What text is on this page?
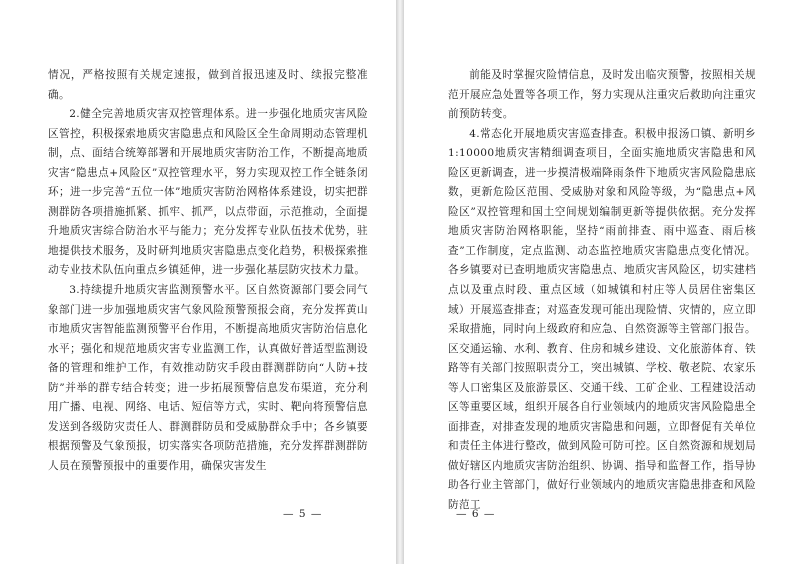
情况，严格按照有关规定速报，做到首报迅速及时、续报完整准确。

2.健全完善地质灾害双控管理体系。进一步强化地质灾害风险区管控，积极探索地质灾害隐患点和风险区全生命周期动态管理机制，点、面结合统筹部署和开展地质灾害防治工作，不断提高地质灾害“隐患点+风险区”双控管理水平，努力实现双控工作全链条闭环；进一步完善“五位一体”地质灾害防治网格体系建设，切实把群测群防各项措施抓紧、抓牢、抓严，以点带面，示范推动，全面提升地质灾害综合防治水平与能力；充分发挥专业队伍技术优势，驻地提供技术服务，及时研判地质灾害隐患点变化趋势，积极探索推动专业技术队伍向重点乡镇延伸，进一步强化基层防灾技术力量。

3.持续提升地质灾害监测预警水平。区自然资源部门要会同气象部门进一步加强地质灾害气象风险预警预报会商，充分发挥黄山市地质灾害智能监测预警平台作用，不断提高地质灾害防治信息化水平；强化和规范地质灾害专业监测工作，认真做好普适型监测设备的管理和维护工作，有效推动防灾手段由群测群防向“人防+技防”并举的群专结合转变；进一步拓展预警信息发布渠道，充分利用广播、电视、网络、电话、短信等方式，实时、靶向将预警信息发送到各级防灾责任人、群测群防员和受威胁群众手中；各乡镇要根据预警及气象预报，切实落实各项防范措施，充分发挥群测群防人员在预警预报中的重要作用，确保灾害发生

— 5 —

前能及时掌握灾险情信息，及时发出临灾预警，按照相关规范开展应急处置等各项工作，努力实现从注重灾后救助向注重灾前预防转变。

4.常态化开展地质灾害巡查排查。积极申报汤口镇、新明乡1:10000地质灾害精细调查项目，全面实施地质灾害隐患和风险区更新调查，进一步摸清极端降雨条件下地质灾害风险隐患底数，更新危险区范围、受威胁对象和风险等级，为“隐患点+风险区”双控管理和国土空间规划编制更新等提供依据。充分发挥地质灾害防治网格职能，坚持“雨前排查、雨中巡查、雨后核查”工作制度，定点监测、动态监控地质灾害隐患点变化情况。各乡镇要对已查明地质灾害隐患点、地质灾害风险区，切实建档点以及重点时段、重点区域（如城镇和村庄等人员居住密集区域）开展巡查排查；对巡查发现可能出现险情、灾情的，应立即采取措施，同时向上级政府和应急、自然资源等主管部门报告。区交通运输、水利、教育、住房和城乡建设、文化旅游体育、铁路等有关部门按照职责分工，突出城镇、学校、敬老院、农家乐等人口密集区及旅游景区、交通干线、工矿企业、工程建设活动区等重要区域，组织开展各自行业领域内的地质灾害风险隐患全面排查，对排查发现的地质灾害隐患和问题，立即督促有关单位和责任主体进行整改，做到风险可防可控。区自然资源和规划局做好辖区内地质灾害防治组织、协调、指导和监督工作，指导协助各行业主管部门，做好行业领域内的地质灾害隐患排查和风险防范工

— 6 —
